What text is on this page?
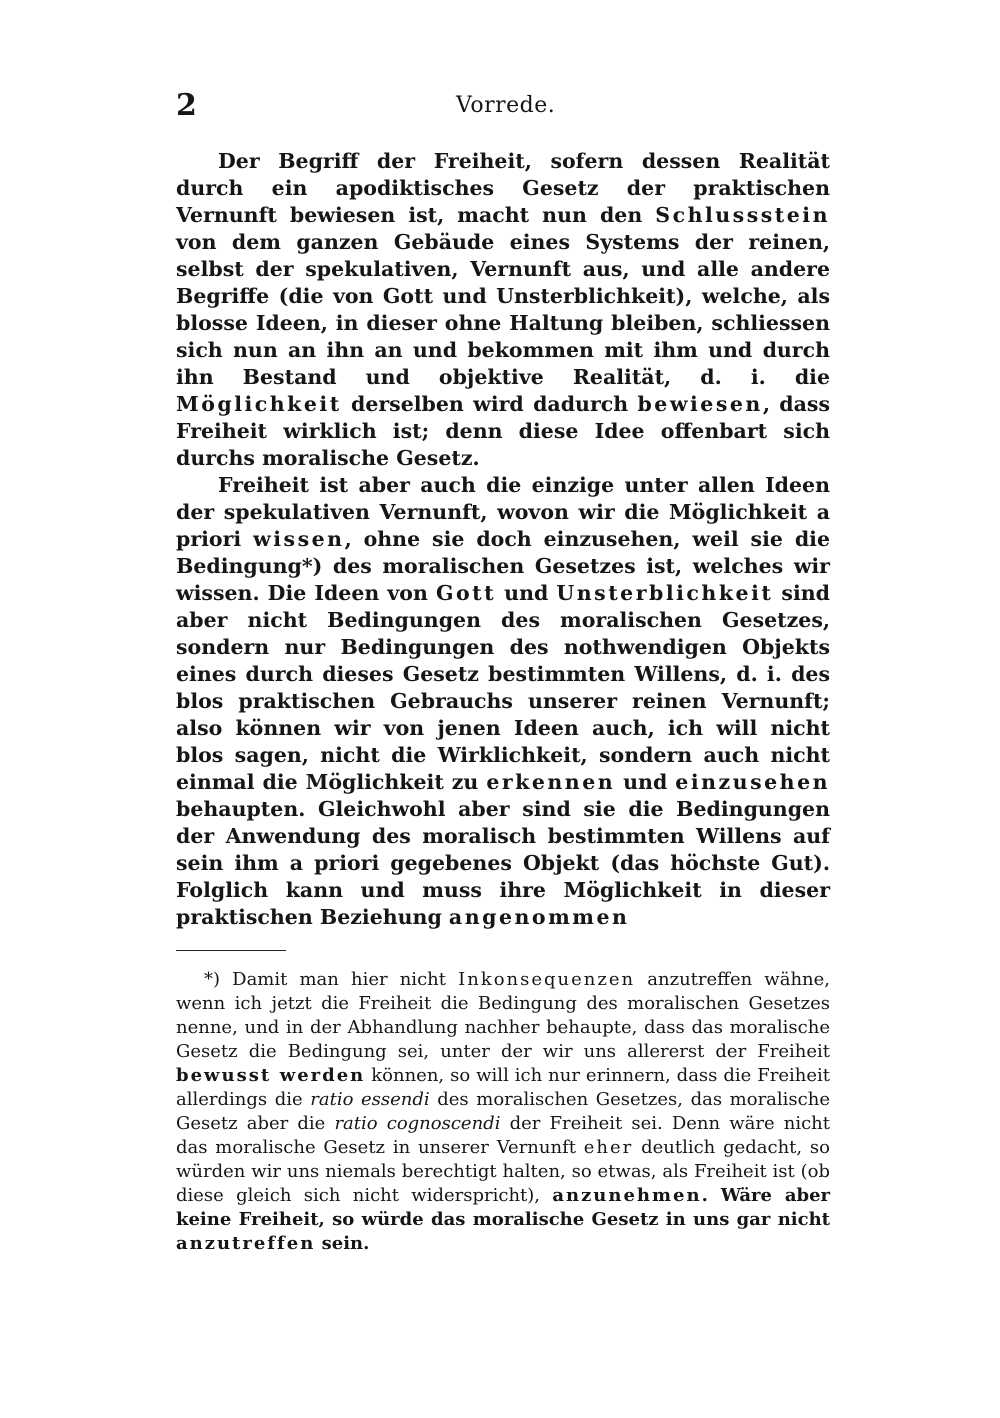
2	Vorrede.

Der Begriff der Freiheit, sofern dessen Realität durch ein apodiktisches Gesetz der praktischen Vernunft bewiesen ist, macht nun den Schlussstein von dem ganzen Gebäude eines Systems der reinen, selbst der spekulativen, Vernunft aus, und alle andere Begriffe (die von Gott und Unsterblichkeit), welche, als blosse Ideen, in dieser ohne Haltung bleiben, schliessen sich nun an ihn an und bekommen mit ihm und durch ihn Bestand und objektive Realität, d. i. die Möglichkeit derselben wird dadurch bewiesen, dass Freiheit wirklich ist; denn diese Idee offenbart sich durchs moralische Gesetz.

Freiheit ist aber auch die einzige unter allen Ideen der spekulativen Vernunft, wovon wir die Möglichkeit a priori wissen, ohne sie doch einzusehen, weil sie die Bedingung*) des moralischen Gesetzes ist, welches wir wissen. Die Ideen von Gott und Unsterblichkeit sind aber nicht Bedingungen des moralischen Gesetzes, sondern nur Bedingungen des nothwendigen Objekts eines durch dieses Gesetz bestimmten Willens, d. i. des blos praktischen Gebrauchs unserer reinen Vernunft; also können wir von jenen Ideen auch, ich will nicht blos sagen, nicht die Wirklichkeit, sondern auch nicht einmal die Möglichkeit zu erkennen und einzusehen behaupten. Gleichwohl aber sind sie die Bedingungen der Anwendung des moralisch bestimmten Willens auf sein ihm a priori gegebenes Objekt (das höchste Gut). Folglich kann und muss ihre Möglichkeit in dieser praktischen Beziehung angenommen

*) Damit man hier nicht Inkonsequenzen anzutreffen wähne, wenn ich jetzt die Freiheit die Bedingung des moralischen Gesetzes nenne, und in der Abhandlung nachher behaupte, dass das moralische Gesetz die Bedingung sei, unter der wir uns allererst der Freiheit bewusst werden können, so will ich nur erinnern, dass die Freiheit allerdings die ratio essendi des moralischen Gesetzes, das moralische Gesetz aber die ratio cognoscendi der Freiheit sei. Denn wäre nicht das moralische Gesetz in unserer Vernunft eher deutlich gedacht, so würden wir uns niemals berechtigt halten, so etwas, als Freiheit ist (ob diese gleich sich nicht widerspricht), anzunehmen. Wäre aber keine Freiheit, so würde das moralische Gesetz in uns gar nicht anzutreffen sein.
